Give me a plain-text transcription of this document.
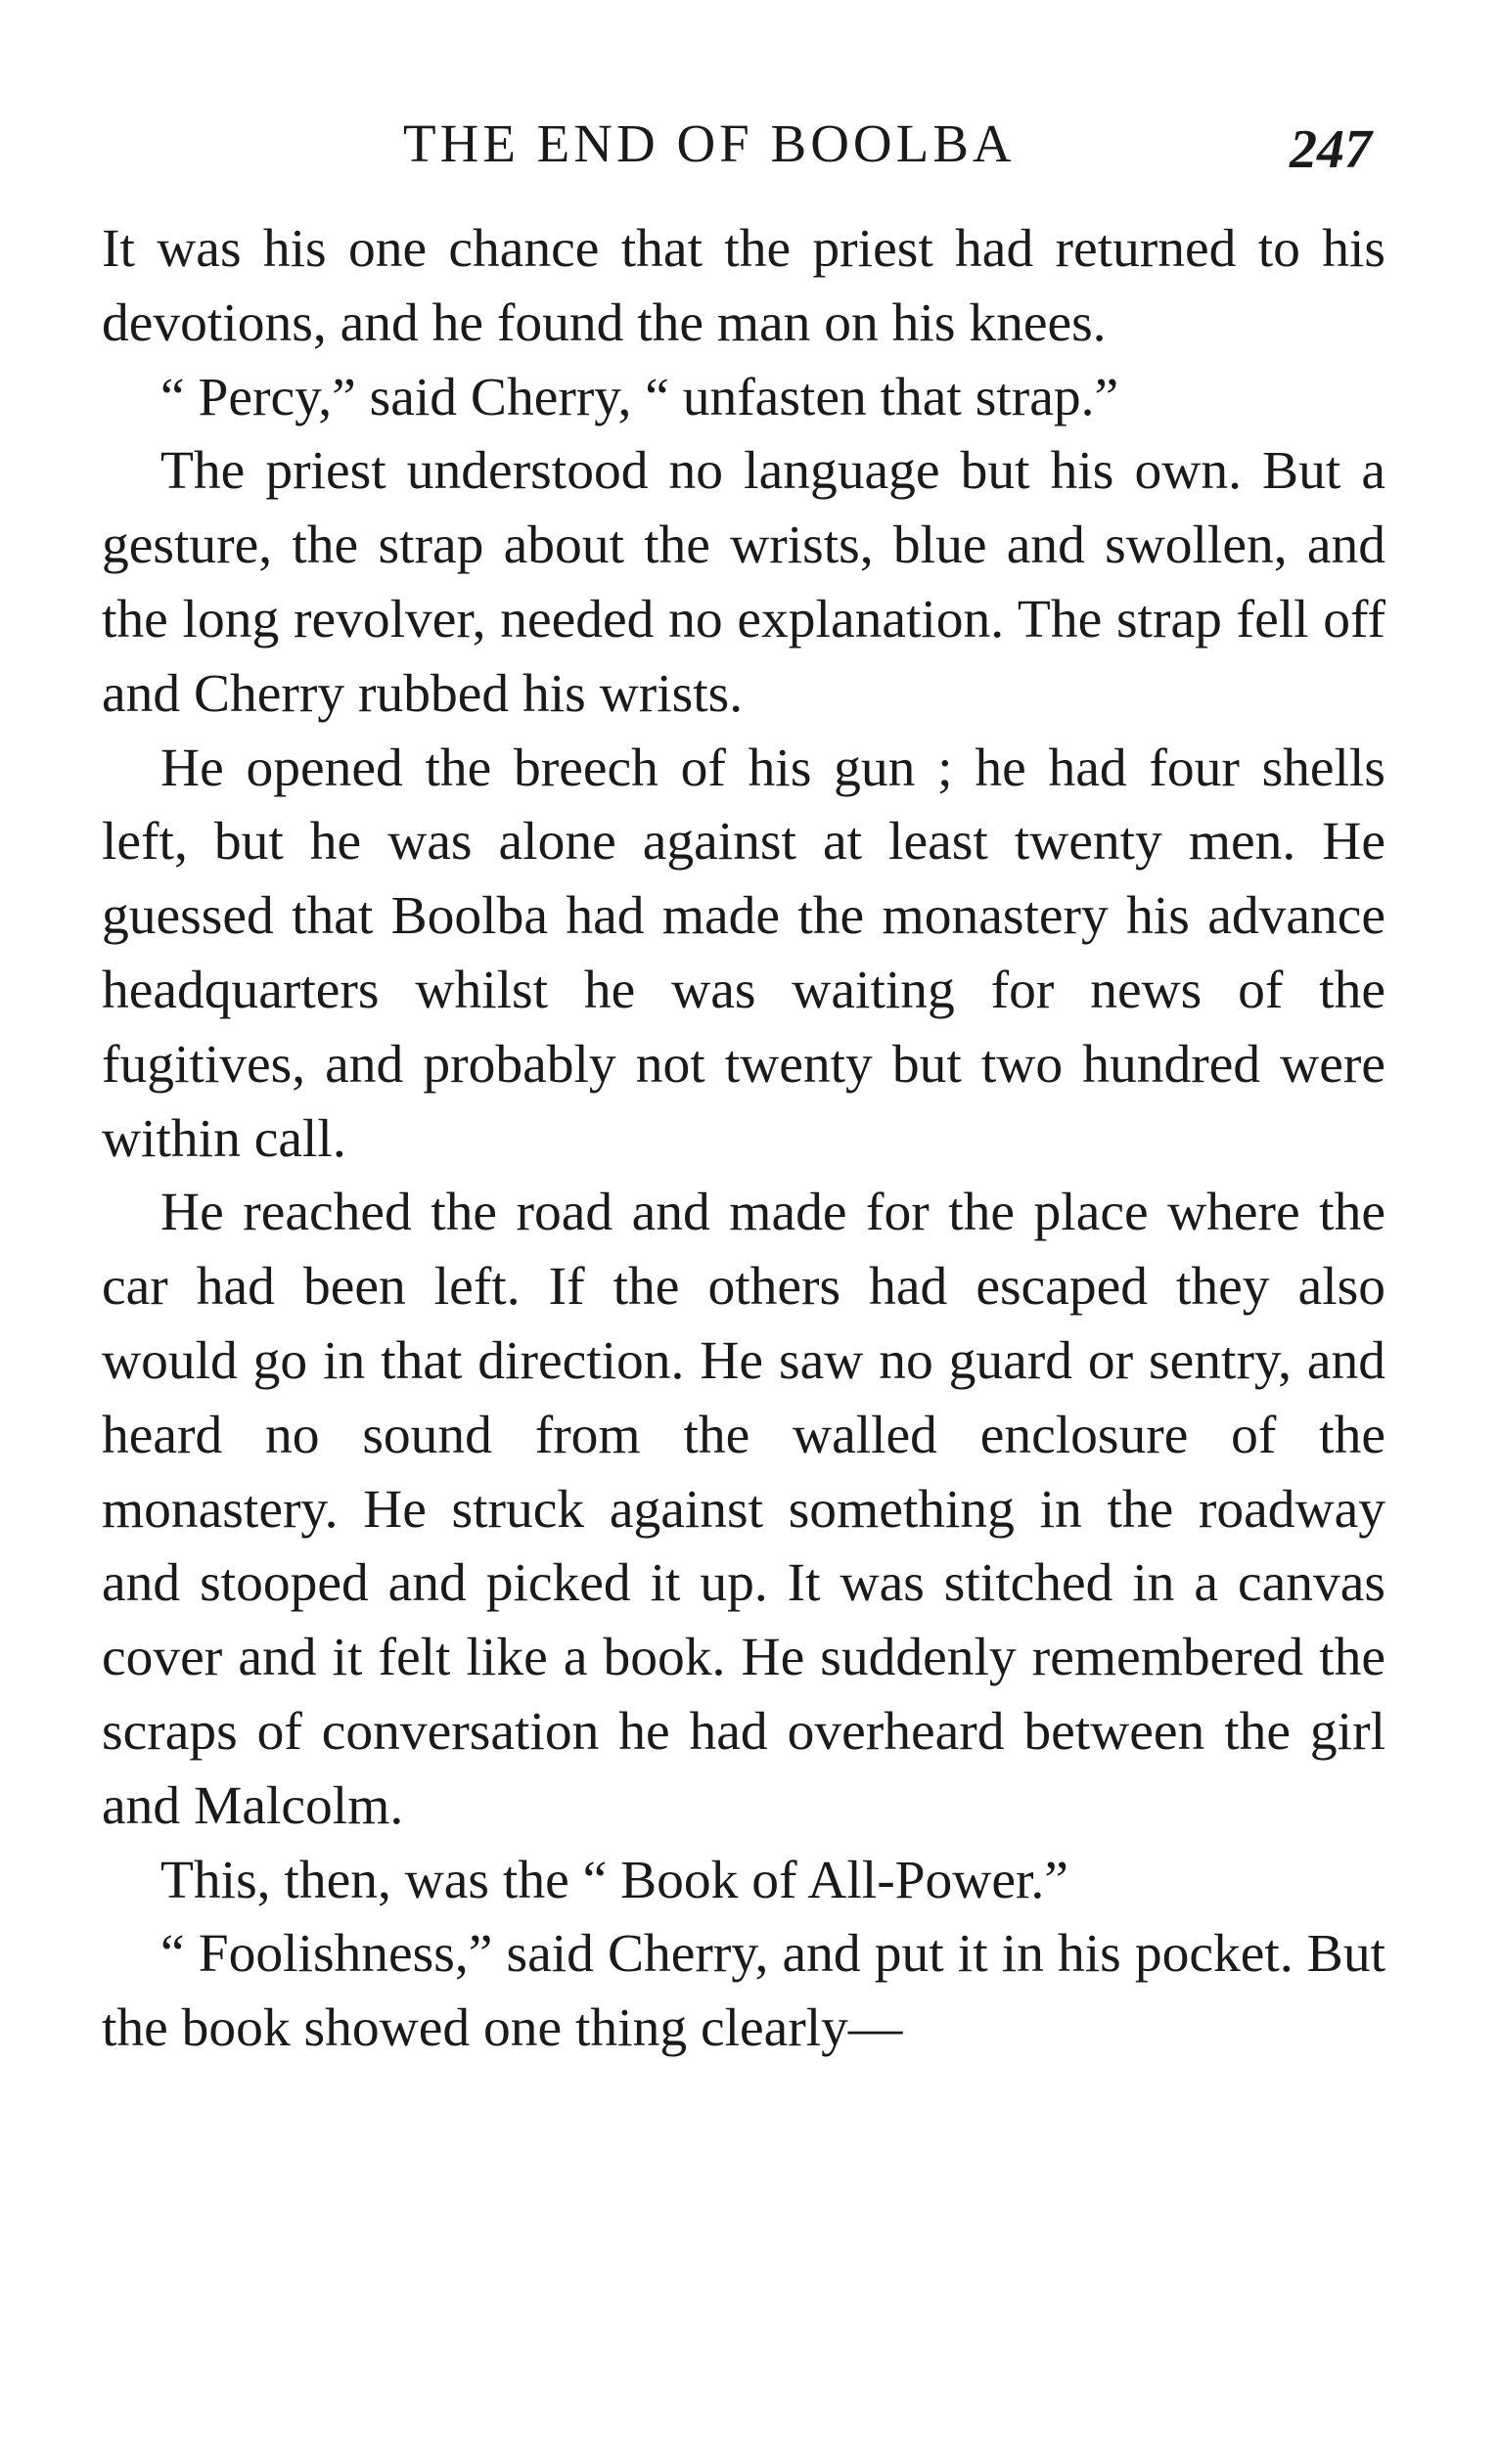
THE END OF BOOLBA	247

It was his one chance that the priest had returned to his devotions, and he found the man on his knees.

“ Percy,” said Cherry, “ unfasten that strap.”

The priest understood no language but his own. But a gesture, the strap about the wrists, blue and swollen, and the long revolver, needed no explanation. The strap fell off and Cherry rubbed his wrists.

He opened the breech of his gun ; he had four shells left, but he was alone against at least twenty men. He guessed that Boolba had made the monastery his advance headquarters whilst he was waiting for news of the fugitives, and probably not twenty but two hundred were within call.

He reached the road and made for the place where the car had been left. If the others had escaped they also would go in that direction. He saw no guard or sentry, and heard no sound from the walled enclosure of the monastery. He struck against something in the roadway and stooped and picked it up. It was stitched in a canvas cover and it felt like a book. He suddenly remembered the scraps of conversation he had overheard between the girl and Malcolm.

This, then, was the “ Book of All-Power.”

“ Foolishness,” said Cherry, and put it in his pocket. But the book showed one thing clearly—
